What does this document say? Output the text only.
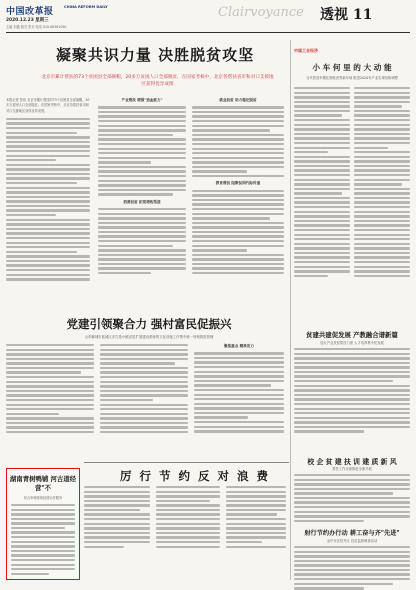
中国改革报	CHINA REFORM DAILY
2020.12.23 星期三
主编 刘鑫 版式 张芬 电话 010-68361090
Clairvoyance 透视 11
凝聚共识力量 决胜脱贫攻坚
北京市累计帮扶的73个贫困县全部摘帽，20多万贫困人口全部脱贫，在国家考核中，北京各帮扶省市和对口支援地区获得优异成绩
本报记者 张伟 北京市累计帮扶的73个贫困县全部摘帽，20多万贫困人口全部脱贫，在国家考核中，北京各帮扶省市和对口支援地区获得优异成绩。
产业帮扶 增强"造血能力"
消费扶贫 拓宽增收渠道
就业扶贫 助力稳定脱贫
教育帮扶 阻断贫困代际传递
中国工业经济
小 车 何 里 的 大 动 能
当代智造车模化领航世界新车域 推进2020年产业实现结构调整
贫建共建促发展 产教融合谱新篇
加大产业扶贫帮扶力度 人才培养集中化发展
校 企 贫 建 扶 训 建 质 新 风
帮扶工作全面推进全面开展
射行节约办行动 耕工奋与齐"先进"
金华市区驻外区 扶贫监督调查活动
党建引领聚合力 强村富民促振兴
山东聊城市蓝城区多打造小镇宜居扩展建设系统的文化设施工作集中统一规划推进管理
聚焦重点 精准发力
湖南青树鸭铺 河古道经营"不
综合审理规划经营运作服务
厉 行 节 约 反 对 浪 费
